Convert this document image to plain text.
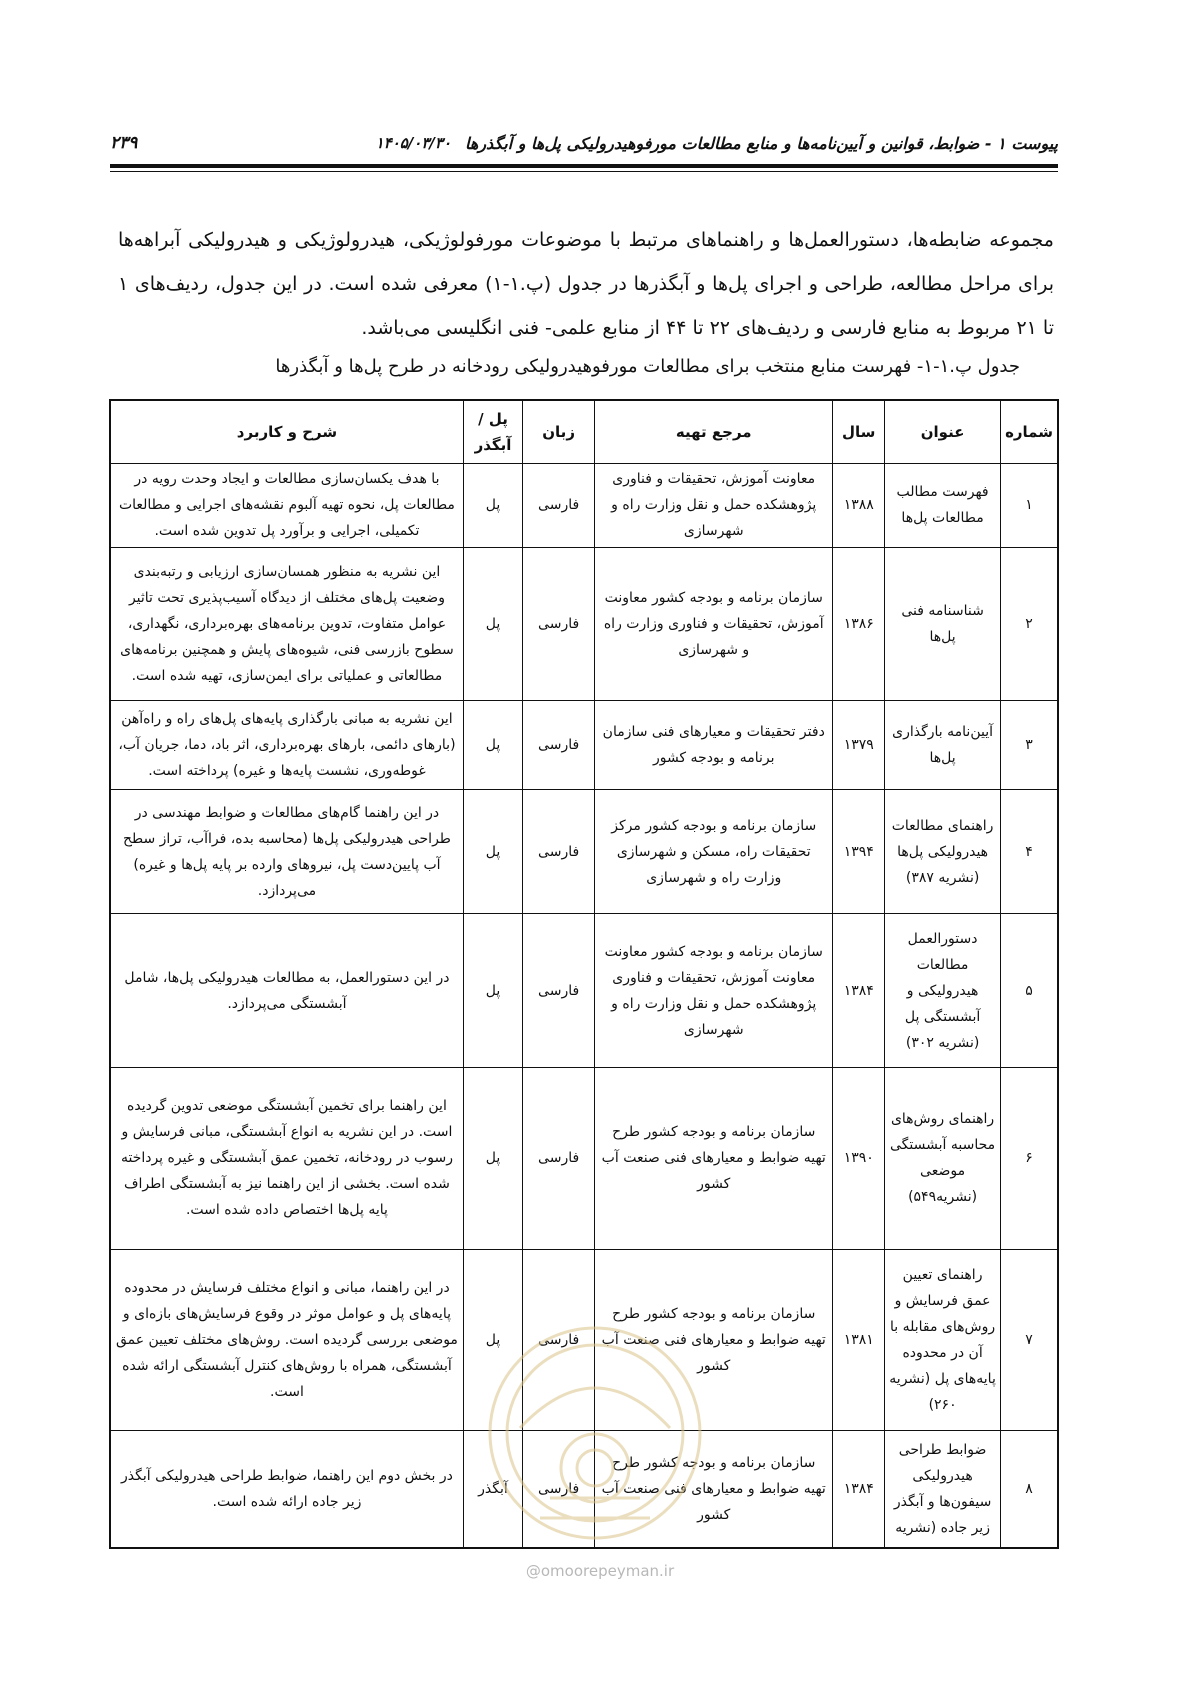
پیوست ۱ - ضوابط، قوانین و آیین‌نامه‌ها و منابع مطالعات مورفوهیدرولیکی پل‌ها و آبگذرها
۱۴۰۵/۰۳/۳۰
۲۳۹

مجموعه ضابطه‌ها، دستورالعمل‌ها و راهنماهای مرتبط با موضوعات مورفولوژیکی، هیدرولوژیکی و هیدرولیکی آبراهه‌ها برای مراحل مطالعه، طراحی و اجرای پل‌ها و آبگذرها در جدول (پ.۱-۱) معرفی شده است. در این جدول، ردیف‌های ۱ تا ۲۱ مربوط به منابع فارسی و ردیف‌های ۲۲ تا ۴۴ از منابع علمی- فنی انگلیسی می‌باشد.

جدول پ.۱-۱- فهرست منابع منتخب برای مطالعات مورفوهیدرولیکی رودخانه در طرح پل‌ها و آبگذرها
شماره	عنوان	سال	مرجع تهیه	زبان	پل / آبگذر	شرح و کاربرد
۱	فهرست مطالب مطالعات پل‌ها	۱۳۸۸	معاونت آموزش، تحقیقات و فناوری پژوهشکده حمل و نقل وزارت راه و شهرسازی	فارسی	پل	با هدف یکسان‌سازی مطالعات و ایجاد وحدت رویه در مطالعات پل، نحوه تهیه آلبوم نقشه‌های اجرایی و مطالعات تکمیلی، اجرایی و برآورد پل تدوین شده است.
۲	شناسنامه فنی پل‌ها	۱۳۸۶	سازمان برنامه و بودجه کشور معاونت آموزش، تحقیقات و فناوری وزارت راه و شهرسازی	فارسی	پل	این نشریه به منظور همسان‌سازی ارزیابی و رتبه‌بندی وضعیت پل‌های مختلف از دیدگاه آسیب‌پذیری تحت تاثیر عوامل متفاوت، تدوین برنامه‌های بهره‌برداری، نگهداری، سطوح بازرسی فنی، شیوه‌های پایش و همچنین برنامه‌های مطالعاتی و عملیاتی برای ایمن‌سازی، تهیه شده است.
۳	آیین‌نامه بارگذاری پل‌ها	۱۳۷۹	دفتر تحقیقات و معیارهای فنی سازمان برنامه و بودجه کشور	فارسی	پل	این نشریه به مبانی بارگذاری پایه‌های پل‌های راه و راه‌آهن (بارهای دائمی، بارهای بهره‌برداری، اثر باد، دما، جریان آب، غوطه‌وری، نشست پایه‌ها و غیره) پرداخته است.
۴	راهنمای مطالعات هیدرولیکی پل‌ها (نشریه ۳۸۷)	۱۳۹۴	سازمان برنامه و بودجه کشور مرکز تحقیقات راه، مسکن و شهرسازی وزارت راه و شهرسازی	فارسی	پل	در این راهنما گام‌های مطالعات و ضوابط مهندسی در طراحی هیدرولیکی پل‌ها (محاسبه بده، فراآب، تراز سطح آب پایین‌دست پل، نیروهای وارده بر پایه پل‌ها و غیره) می‌پردازد.
۵	دستورالعمل مطالعات هیدرولیکی و آبشستگی پل (نشریه ۳۰۲)	۱۳۸۴	سازمان برنامه و بودجه کشور معاونت معاونت آموزش، تحقیقات و فناوری پژوهشکده حمل و نقل وزارت راه و شهرسازی	فارسی	پل	در این دستورالعمل، به مطالعات هیدرولیکی پل‌ها، شامل آبشستگی می‌پردازد.
۶	راهنمای روش‌های محاسبه آبشستگی موضعی (نشریه۵۴۹)	۱۳۹۰	سازمان برنامه و بودجه کشور طرح تهیه ضوابط و معیارهای فنی صنعت آب کشور	فارسی	پل	این راهنما برای تخمین آبشستگی موضعی تدوین گردیده است. در این نشریه به انواع آبشستگی، مبانی فرسایش و رسوب در رودخانه، تخمین عمق آبشستگی و غیره پرداخته شده است. بخشی از این راهنما نیز به آبشستگی اطراف پایه پل‌ها اختصاص داده شده است.
۷	راهنمای تعیین عمق فرسایش و روش‌های مقابله با آن در محدوده پایه‌های پل (نشریه ۲۶۰)	۱۳۸۱	سازمان برنامه و بودجه کشور طرح تهیه ضوابط و معیارهای فنی صنعت آب کشور	فارسی	پل	در این راهنما، مبانی و انواع مختلف فرسایش در محدوده پایه‌های پل و عوامل موثر در وقوع فرسایش‌های بازه‌ای و موضعی بررسی گردیده است. روش‌های مختلف تعیین عمق آبشستگی، همراه با روش‌های کنترل آبشستگی ارائه شده است.
۸	ضوابط طراحی هیدرولیکی سیفون‌ها و آبگذر زیر جاده (نشریه	۱۳۸۴	سازمان برنامه و بودجه کشور طرح تهیه ضوابط و معیارهای فنی صنعت آب کشور	فارسی	آبگذر	در بخش دوم این راهنما، ضوابط طراحی هیدرولیکی آبگذر زیر جاده ارائه شده است.
@omoorepeyman.ir
